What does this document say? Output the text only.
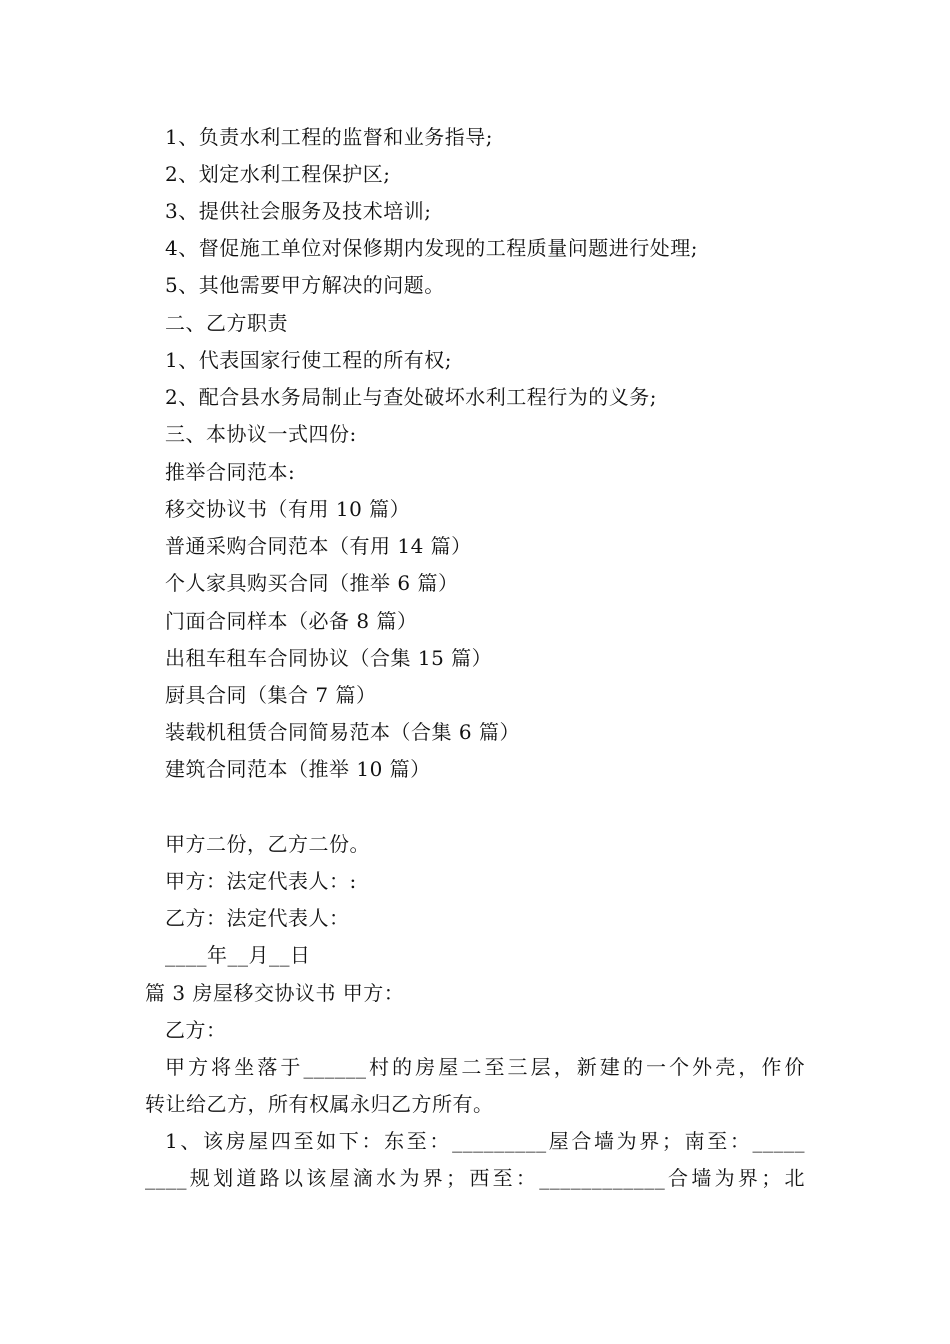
1、负责水利工程的监督和业务指导;
2、划定水利工程保护区;
3、提供社会服务及技术培训;
4、督促施工单位对保修期内发现的工程质量问题进行处理;
5、其他需要甲方解决的问题。
二、乙方职责
1、代表国家行使工程的所有权;
2、配合县水务局制止与查处破坏水利工程行为的义务;
三、本协议一式四份:
推举合同范本:
移交协议书（有用 10 篇）
普通采购合同范本（有用 14 篇）
个人家具购买合同（推举 6 篇）
门面合同样本（必备 8 篇）
出租车租车合同协议（合集 15 篇）
厨具合同（集合 7 篇）
装载机租赁合同简易范本（合集 6 篇）
建筑合同范本（推举 10 篇）
甲方二份，乙方二份。
甲方：法定代表人：:
乙方：法定代表人：
____年__月__日
篇 3 房屋移交协议书 甲方：
乙方：
甲方将坐落于______村的房屋二至三层，新建的一个外壳，作价
转让给乙方，所有权属永归乙方所有。
1、该房屋四至如下：东至：_________屋合墙为界；南至：_____
____规划道路以该屋滴水为界；西至：____________合墙为界；北
